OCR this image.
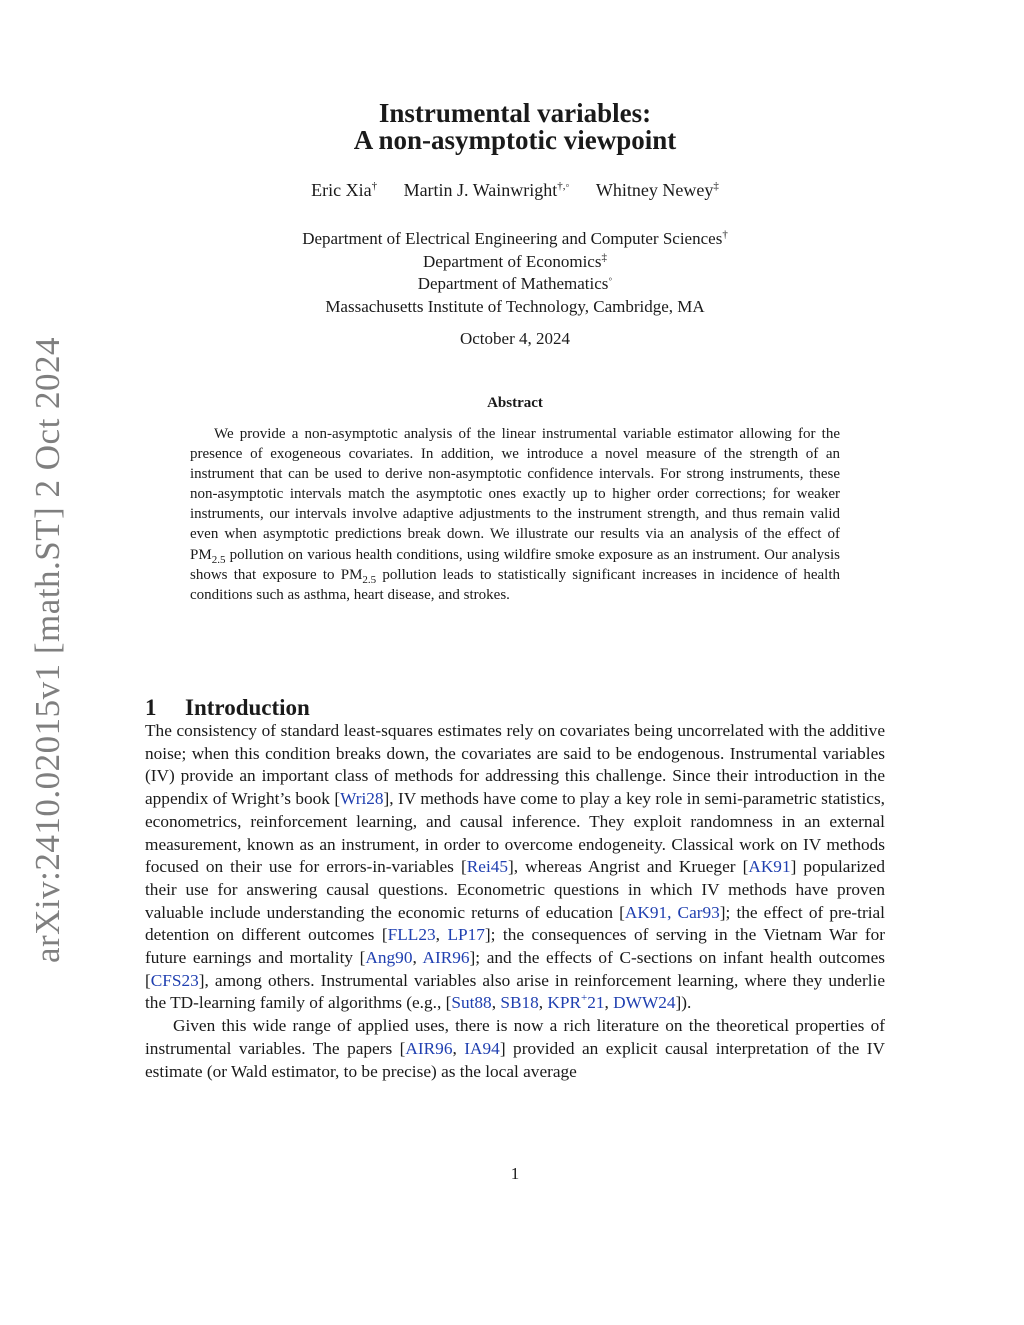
arXiv:2410.02015v1 [math.ST] 2 Oct 2024
Instrumental variables:
A non-asymptotic viewpoint
Eric Xia† Martin J. Wainwright†,◦ Whitney Newey‡
Department of Electrical Engineering and Computer Sciences†
Department of Economics‡
Department of Mathematics◦
Massachusetts Institute of Technology, Cambridge, MA
October 4, 2024
Abstract

We provide a non-asymptotic analysis of the linear instrumental variable estimator allowing for the presence of exogeneous covariates. In addition, we introduce a novel measure of the strength of an instrument that can be used to derive non-asymptotic confidence intervals. For strong instruments, these non-asymptotic intervals match the asymptotic ones exactly up to higher order corrections; for weaker instruments, our intervals involve adaptive adjustments to the instrument strength, and thus remain valid even when asymptotic predictions break down. We illustrate our results via an analysis of the effect of $PM_{2.5}$ pollution on various health conditions, using wildfire smoke exposure as an instrument. Our analysis shows that exposure to $PM_{2.5}$ pollution leads to statistically significant increases in incidence of health conditions such as asthma, heart disease, and strokes.

1 Introduction

The consistency of standard least-squares estimates rely on covariates being uncorrelated with the additive noise; when this condition breaks down, the covariates are said to be endogenous. Instrumental variables (IV) provide an important class of methods for addressing this challenge. Since their introduction in the appendix of Wright’s book [Wri28], IV methods have come to play a key role in semi-parametric statistics, econometrics, reinforcement learning, and causal inference. They exploit randomness in an external measurement, known as an instrument, in order to overcome endogeneity. Classical work on IV methods focused on their use for errors-in-variables [Rei45], whereas Angrist and Krueger [AK91] popularized their use for answering causal questions. Econometric questions in which IV methods have proven valuable include understanding the economic returns of education [AK91, Car93]; the effect of pre-trial detention on different outcomes [FLL23, LP17]; the consequences of serving in the Vietnam War for future earnings and mortality [Ang90, AIR96]; and the effects of C-sections on infant health outcomes [CFS23], among others. Instrumental variables also arise in reinforcement learning, where they underlie the TD-learning family of algorithms (e.g., [Sut88, SB18, KPR+21, DWW24]).

Given this wide range of applied uses, there is now a rich literature on the theoretical properties of instrumental variables. The papers [AIR96, IA94] provided an explicit causal interpretation of the IV estimate (or Wald estimator, to be precise) as the local average

1
